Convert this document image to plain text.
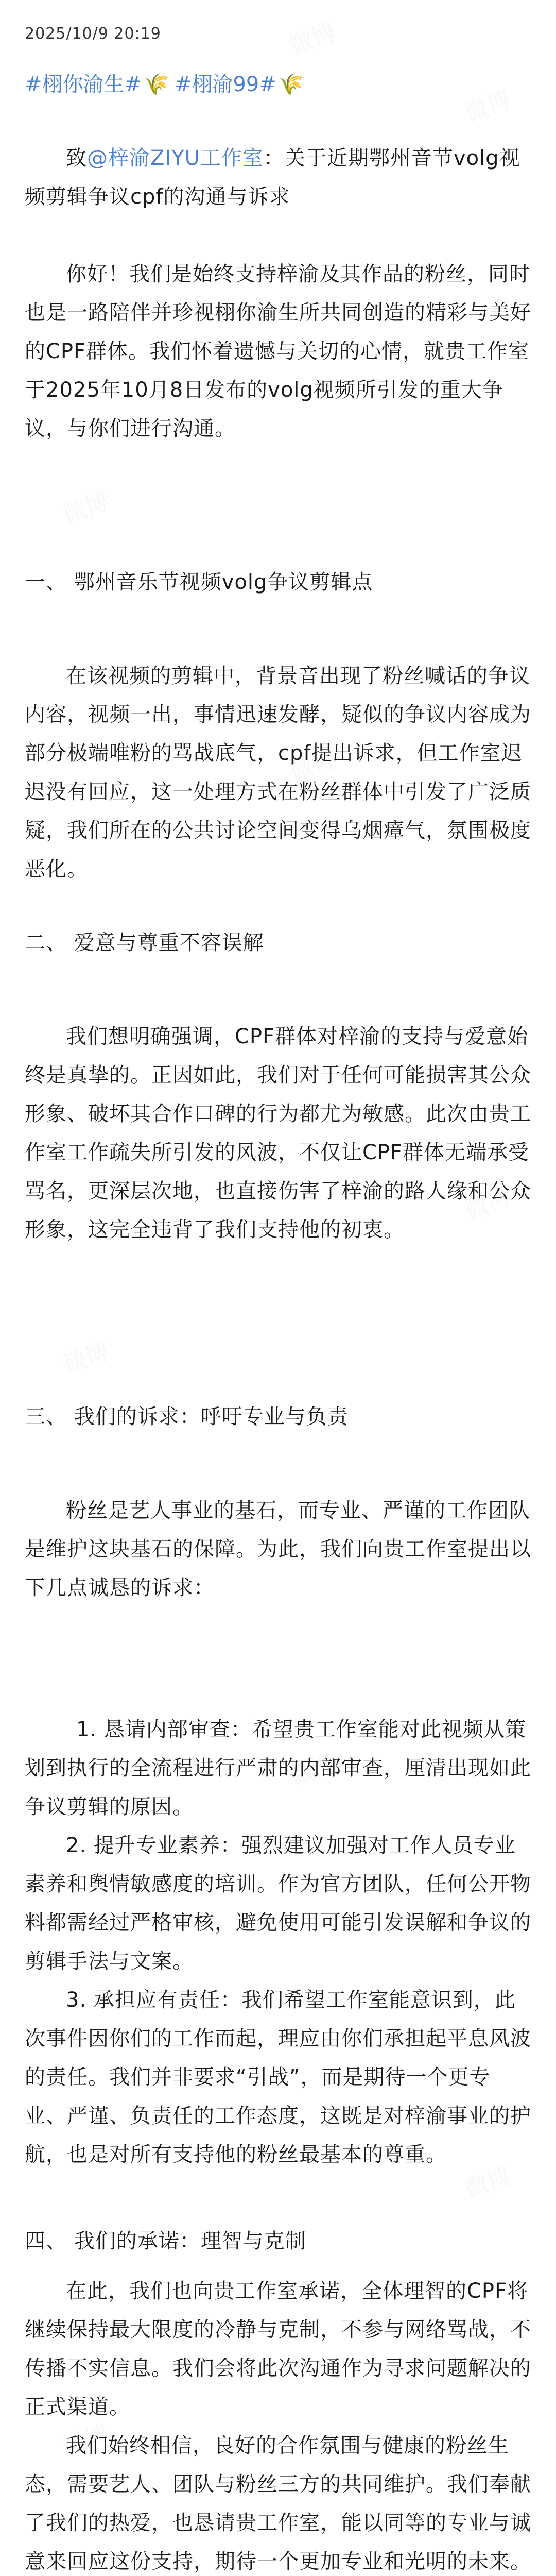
2025/10/9 20:19
#栩你渝生# 🌾 #栩渝99# 🌾
致@梓渝ZIYU工作室：关于近期鄂州音节volg视频剪辑争议cpf的沟通与诉求
你好！我们是始终支持梓渝及其作品的粉丝，同时也是一路陪伴并珍视栩你渝生所共同创造的精彩与美好的CPF群体。我们怀着遗憾与关切的心情，就贵工作室于2025年10月8日发布的volg视频所引发的重大争议，与你们进行沟通。
一、 鄂州音乐节视频volg争议剪辑点
在该视频的剪辑中，背景音出现了粉丝喊话的争议内容，视频一出，事情迅速发酵，疑似的争议内容成为部分极端唯粉的骂战底气，cpf提出诉求，但工作室迟迟没有回应，这一处理方式在粉丝群体中引发了广泛质疑，我们所在的公共讨论空间变得乌烟瘴气，氛围极度恶化。
二、 爱意与尊重不容误解
我们想明确强调，CPF群体对梓渝的支持与爱意始终是真挚的。正因如此，我们对于任何可能损害其公众形象、破坏其合作口碑的行为都尤为敏感。此次由贵工作室工作疏失所引发的风波，不仅让CPF群体无端承受骂名，更深层次地，也直接伤害了梓渝的路人缘和公众形象，这完全违背了我们支持他的初衷。
三、 我们的诉求：呼吁专业与负责
粉丝是艺人事业的基石，而专业、严谨的工作团队是维护这块基石的保障。为此，我们向贵工作室提出以下几点诚恳的诉求：
1. 恳请内部审查：希望贵工作室能对此视频从策划到执行的全流程进行严肃的内部审查，厘清出现如此争议剪辑的原因。
2. 提升专业素养：强烈建议加强对工作人员专业素养和舆情敏感度的培训。作为官方团队，任何公开物料都需经过严格审核，避免使用可能引发误解和争议的剪辑手法与文案。
3. 承担应有责任：我们希望工作室能意识到，此次事件因你们的工作而起，理应由你们承担起平息风波的责任。我们并非要求“引战”，而是期待一个更专业、严谨、负责任的工作态度，这既是对梓渝事业的护航，也是对所有支持他的粉丝最基本的尊重。
四、 我们的承诺：理智与克制
在此，我们也向贵工作室承诺，全体理智的CPF将继续保持最大限度的冷静与克制，不参与网络骂战，不传播不实信息。我们会将此次沟通作为寻求问题解决的正式渠道。
我们始终相信，良好的合作氛围与健康的粉丝生态，需要艺人、团队与粉丝三方的共同维护。我们奉献了我们的热爱，也恳请贵工作室，能以同等的专业与诚意来回应这份支持，期待一个更加专业和光明的未来。
